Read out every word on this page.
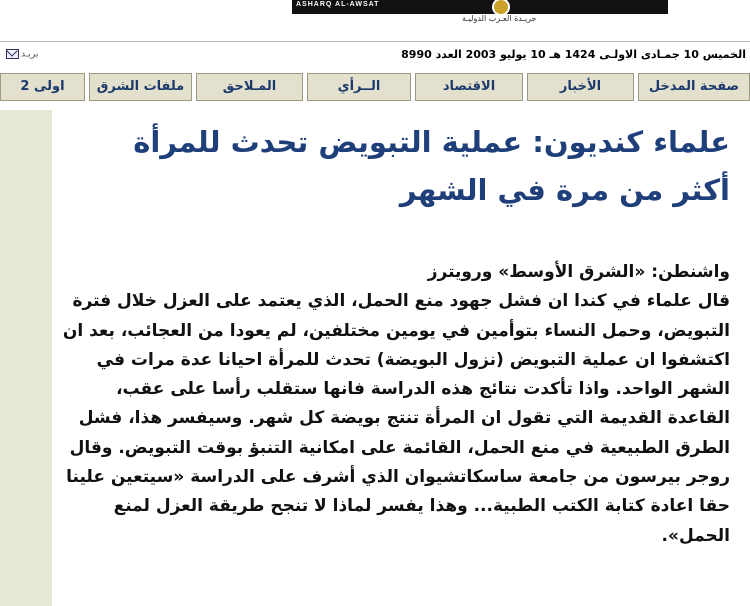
ASHARQ AL-AWSAT
جريـدة العـرب الدوليـة
بريـد	الخميس 10 جمـادى الاولـى 1424 هـ 10 يوليو 2003 العدد 8990
صفحة المدخل
الأخبار
الاقتصاد
الــرأي
المـلاحق
ملفات الشرق
اولى 2
علماء كنديون: عملية التبويض تحدث للمرأة أكثر من مرة في الشهر
واشنطن: «الشرق الأوسط» ورويترز
قال علماء في كندا ان فشل جهود منع الحمل، الذي يعتمد على العزل خلال فترة التبويض، وحمل النساء بتوأمين في يومين مختلفين، لم يعودا من العجائب، بعد ان اكتشفوا ان عملية التبويض (نزول البويضة) تحدث للمرأة احيانا عدة مرات في الشهر الواحد. واذا تأكدت نتائج هذه الدراسة فانها ستقلب رأسا على عقب، القاعدة القديمة التي تقول ان المرأة تنتج بويضة كل شهر. وسيفسر هذا، فشل الطرق الطبيعية في منع الحمل، القائمة على امكانية التنبؤ بوقت التبويض. وقال روجر بيرسون من جامعة ساسكاتشيوان الذي أشرف على الدراسة «سيتعين علينا حقا اعادة كتابة الكتب الطبية... وهذا يفسر لماذا لا تنجح طريقة العزل لمنع الحمل».
